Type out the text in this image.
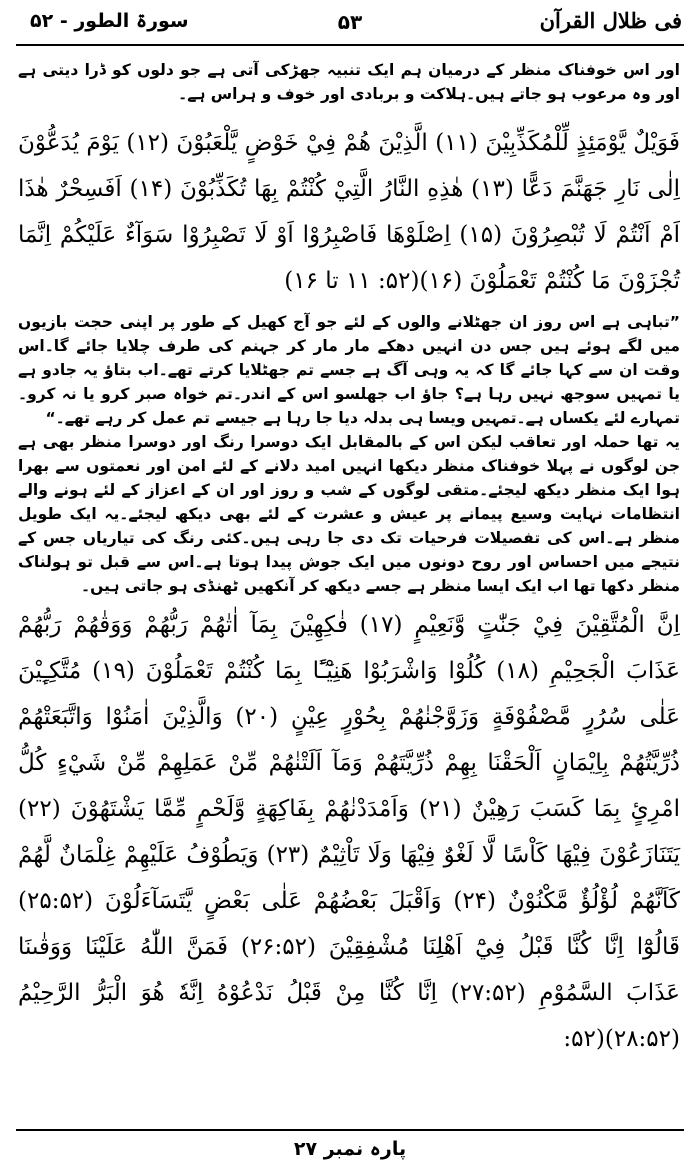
سورۃ الطور - ۵۲	۵۳	فی ظلال القرآن

اور اس خوفناک منظر کے درمیان ہم ایک تنبیہ جھڑکی آتی ہے جو دلوں کو ڈرا دیتی ہے اور وہ مرعوب ہو جاتے ہیں۔ہلاکت و بربادی اور خوف و ہراس ہے۔

فَوَيْلٌ يَّوْمَئِذٍ لِّلْمُكَذِّبِيْنَ (۱۱) الَّذِيْنَ هُمْ فِيْ خَوْضٍ يَّلْعَبُوْنَ (۱۲) يَوْمَ يُدَعُّوْنَ اِلٰى نَارِ جَهَنَّمَ دَعًّا (۱۳) هٰذِهِ النَّارُ الَّتِيْ كُنْتُمْ بِهَا تُكَذِّبُوْنَ (۱۴) اَفَسِحْرٌ هٰذَا اَمْ اَنْتُمْ لَا تُبْصِرُوْنَ (۱۵) اِصْلَوْهَا فَاصْبِرُوْا اَوْ لَا تَصْبِرُوْا سَوَآءٌ عَلَيْكُمْ اِنَّمَا تُجْزَوْنَ مَا كُنْتُمْ تَعْمَلُوْنَ (۱۶)(۵۲: ۱۱ تا ۱۶)

”تباہی ہے اس روز ان جھٹلانے والوں کے لئے جو آج کھیل کے طور پر اپنی حجت بازیوں میں لگے ہوئے ہیں جس دن انہیں دھکے مار مار کر جہنم کی طرف چلایا جائے گا۔اس وقت ان سے کہا جائے گا کہ یہ وہی آگ ہے جسے تم جھٹلایا کرتے تھے۔اب بتاؤ یہ جادو ہے یا تمہیں سوجھ نہیں رہا ہے؟ جاؤ اب جھلسو اس کے اندر۔تم خواہ صبر کرو یا نہ کرو۔تمہارے لئے یکساں ہے۔تمہیں ویسا ہی بدلہ دیا جا رہا ہے جیسے تم عمل کر رہے تھے۔“

یہ تھا حملہ اور تعاقب لیکن اس کے بالمقابل ایک دوسرا رنگ اور دوسرا منظر بھی ہے جن لوگوں نے پہلا خوفناک منظر دیکھا انہیں امید دلانے کے لئے امن اور نعمتوں سے بھرا ہوا ایک منظر دیکھ لیجئے۔متقی لوگوں کے شب و روز اور ان کے اعزاز کے لئے ہونے والے انتظامات نہایت وسیع پیمانے پر عیش و عشرت کے لئے بھی دیکھ لیجئے۔یہ ایک طویل منظر ہے۔اس کی تفصیلات فرحیات تک دی جا رہی ہیں۔کئی رنگ کی تیاریاں جس کے نتیجے میں احساس اور روح دونوں میں ایک جوش پیدا ہوتا ہے۔اس سے قبل تو ہولناک منظر دکھا تھا اب ایک ایسا منظر ہے جسے دیکھ کر آنکھیں ٹھنڈی ہو جاتی ہیں۔

اِنَّ الْمُتَّقِيْنَ فِيْ جَنّٰتٍ وَّنَعِيْمٍ (۱۷) فٰكِهِيْنَ بِمَآ اٰتٰهُمْ رَبُّهُمْ وَوَقٰهُمْ رَبُّهُمْ عَذَابَ الْجَحِيْمِ (۱۸) كُلُوْا وَاشْرَبُوْا هَنِيْٓـًٔا بِمَا كُنْتُمْ تَعْمَلُوْنَ (۱۹) مُتَّكِـِٕيْنَ عَلٰى سُرُرٍ مَّصْفُوْفَةٍ وَزَوَّجْنٰهُمْ بِحُوْرٍ عِيْنٍ (۲۰) وَالَّذِيْنَ اٰمَنُوْا وَاتَّبَعَتْهُمْ ذُرِّيَّتُهُمْ بِاِيْمَانٍ اَلْحَقْنَا بِهِمْ ذُرِّيَّتَهُمْ وَمَآ اَلَتْنٰهُمْ مِّنْ عَمَلِهِمْ مِّنْ شَيْءٍ كُلُّ امْرِیٍٔ بِمَا كَسَبَ رَهِيْنٌ (۲۱) وَاَمْدَدْنٰهُمْ بِفَاكِهَةٍ وَّلَحْمٍ مِّمَّا يَشْتَهُوْنَ (۲۲) يَتَنَازَعُوْنَ فِيْهَا كَاْسًا لَّا لَغْوٌ فِيْهَا وَلَا تَاْثِيْمٌ (۲۳) وَيَطُوْفُ عَلَيْهِمْ غِلْمَانٌ لَّهُمْ كَاَنَّهُمْ لُؤْلُؤٌ مَّكْنُوْنٌ (۲۴) وَاَقْبَلَ بَعْضُهُمْ عَلٰى بَعْضٍ يَّتَسَآءَلُوْنَ (۲۵:۵۲) قَالُوْٓا اِنَّا كُنَّا قَبْلُ فِيْٓ اَهْلِنَا مُشْفِقِيْنَ (۲۶:۵۲) فَمَنَّ اللّٰهُ عَلَيْنَا وَوَقٰىنَا عَذَابَ السَّمُوْمِ (۲۷:۵۲) اِنَّا كُنَّا مِنْ قَبْلُ نَدْعُوْهُ اِنَّهٗ هُوَ الْبَرُّ الرَّحِيْمُ (۲۸:۵۲)(۵۲:

پارہ نمبر ۲۷
